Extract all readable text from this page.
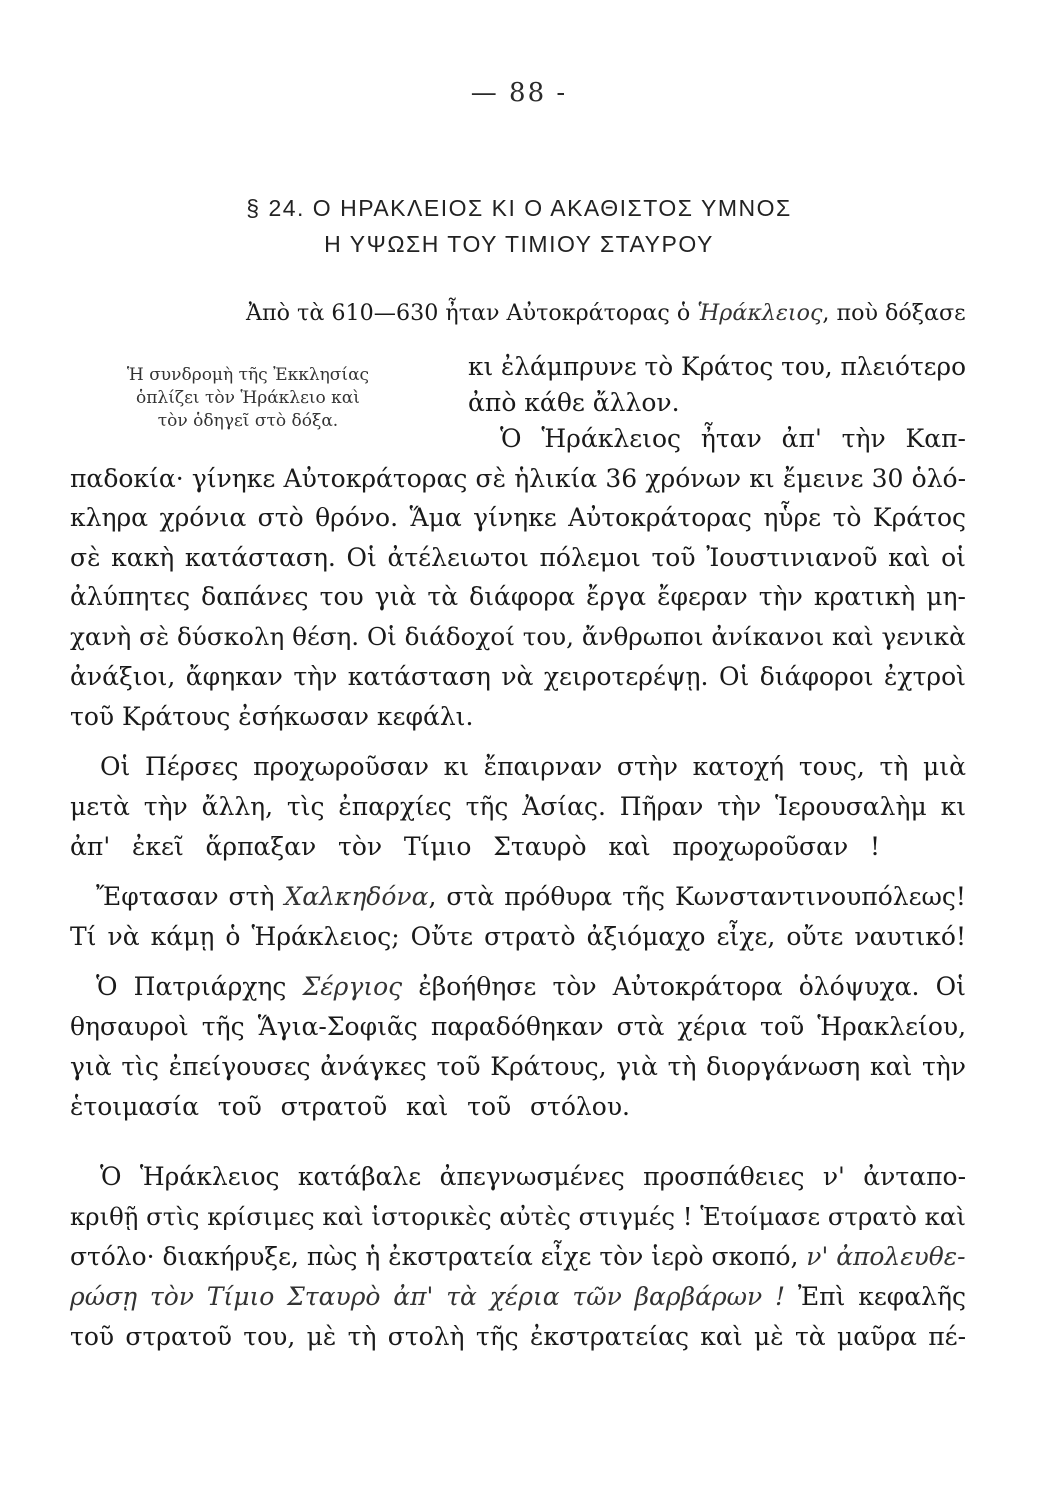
— 88 -
§ 24. Ο ΗΡΑΚΛΕΙΟΣ ΚΙ Ο ΑΚΑΘΙΣΤΟΣ ΥΜΝΟΣ
Η ΥΨΩΣΗ ΤΟΥ ΤΙΜΙΟΥ ΣΤΑΥΡΟΥ
Ἡ συνδρομὴ τῆς Ἐκκλησίας
ὁπλίζει τὸν Ἡράκλειο καὶ
τὸν ὁδηγεῖ στὸ δόξα.
Ἀπὸ τὰ 610—630 ἦταν Αὐτοκράτορας ὁ Ἡράκλειος, ποὺ δόξασε
κι ἐλάμπρυνε τὸ Κράτος του, πλειότερο
ἀπὸ κάθε ἄλλον.
Ὁ Ἡράκλειος ἦταν ἀπ' τὴν Καπ-
παδοκία· γίνηκε Αὐτοκράτορας σὲ ἡλικία 36 χρόνων κι ἔμεινε 30 ὁλό-
κληρα χρόνια στὸ θρόνο. Ἅμα γίνηκε Αὐτοκράτορας ηὗρε τὸ Κράτος
σὲ κακὴ κατάσταση. Οἱ ἀτέλειωτοι πόλεμοι τοῦ Ἰουστινιανοῦ καὶ οἱ
ἀλύπητες δαπάνες του γιὰ τὰ διάφορα ἔργα ἔφεραν τὴν κρατικὴ μη-
χανὴ σὲ δύσκολη θέση. Οἱ διάδοχοί του, ἄνθρωποι ἀνίκανοι καὶ γενικὰ
ἀνάξιοι, ἄφηκαν τὴν κατάσταση νὰ χειροτερέψῃ. Οἱ διάφοροι ἐχτροὶ
τοῦ Κράτους ἐσήκωσαν κεφάλι.
Οἱ Πέρσες προχωροῦσαν κι ἔπαιρναν στὴν κατοχή τους, τὴ μιὰ
μετὰ τὴν ἄλλη, τὶς ἐπαρχίες τῆς Ἀσίας. Πῆραν τὴν Ἱερουσαλὴμ κι
ἀπ' ἐκεῖ ἅρπαξαν τὸν Τίμιο Σταυρὸ καὶ προχωροῦσαν !
Ἔφτασαν στὴ Χαλκηδόνα, στὰ πρόθυρα τῆς Κωνσταντινουπόλεως!
Τί νὰ κάμῃ ὁ Ἡράκλειος; Οὔτε στρατὸ ἀξιόμαχο εἶχε, οὔτε ναυτικό!
Ὁ Πατριάρχης Σέργιος ἐβοήθησε τὸν Αὐτοκράτορα ὁλόψυχα. Οἱ
θησαυροὶ τῆς Ἅγια-Σοφιᾶς παραδόθηκαν στὰ χέρια τοῦ Ἡρακλείου,
γιὰ τὶς ἐπείγουσες ἀνάγκες τοῦ Κράτους, γιὰ τὴ διοργάνωση καὶ τὴν
ἑτοιμασία τοῦ στρατοῦ καὶ τοῦ στόλου.
Ὁ Ἡράκλειος κατάβαλε ἀπεγνωσμένες προσπάθειες ν' ἀνταπο-
κριθῇ στὶς κρίσιμες καὶ ἱστορικὲς αὐτὲς στιγμές ! Ἑτοίμασε στρατὸ καὶ
στόλο· διακήρυξε, πὼς ἡ ἐκστρατεία εἶχε τὸν ἱερὸ σκοπό, ν' ἀπολευθε-
ρώσῃ τὸν Τίμιο Σταυρὸ ἀπ' τὰ χέρια τῶν βαρβάρων ! Ἐπὶ κεφαλῆς
τοῦ στρατοῦ του, μὲ τὴ στολὴ τῆς ἐκστρατείας καὶ μὲ τὰ μαῦρα πέ-
